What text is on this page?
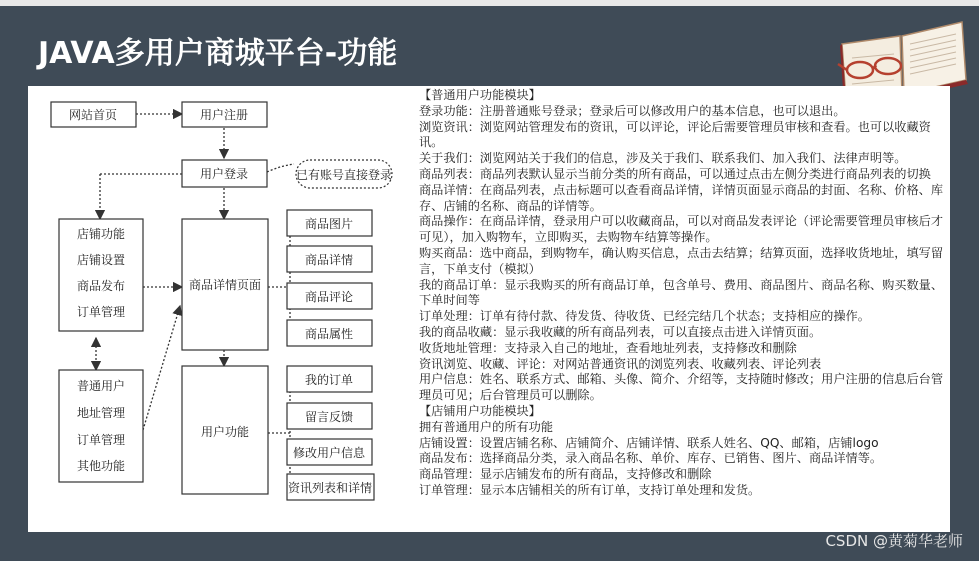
JAVA多用户商城平台-功能
网站首页	用户注册
用户登录	已有账号直接登录
店铺功能
店铺设置
商品发布
订单管理
商品详情页面
商品图片
商品详情
商品评论
商品属性
普通用户
地址管理
订单管理
其他功能
用户功能
我的订单
留言反馈
修改用户信息
资讯列表和详情
【普通用户功能模块】
登录功能：注册普通账号登录；登录后可以修改用户的基本信息，也可以退出。
浏览资讯：浏览网站管理发布的资讯，可以评论，评论后需要管理员审核和查看。也可以收藏资讯。
关于我们：浏览网站关于我们的信息，涉及关于我们、联系我们、加入我们、法律声明等。
商品列表：商品列表默认显示当前分类的所有商品，可以通过点击左侧分类进行商品列表的切换
商品详情：在商品列表，点击标题可以查看商品详情，详情页面显示商品的封面、名称、价格、库存、店铺的名称、商品的详情等。
商品操作：在商品详情，登录用户可以收藏商品，可以对商品发表评论（评论需要管理员审核后才可见），加入购物车，立即购买，去购物车结算等操作。
购买商品：选中商品，到购物车，确认购买信息，点击去结算；结算页面，选择收货地址，填写留言，下单支付（模拟）
我的商品订单：显示我购买的所有商品订单，包含单号、费用、商品图片、商品名称、购买数量、下单时间等
订单处理：订单有待付款、待发货、待收货、已经完结几个状态；支持相应的操作。
我的商品收藏：显示我收藏的所有商品列表，可以直接点击进入详情页面。
收货地址管理：支持录入自己的地址，查看地址列表，支持修改和删除
资讯浏览、收藏、评论：对网站普通资讯的浏览列表、收藏列表、评论列表
用户信息：姓名、联系方式、邮箱、头像、简介、介绍等，支持随时修改；用户注册的信息后台管理员可见；后台管理员可以删除。
【店铺用户功能模块】
拥有普通用户的所有功能
店铺设置：设置店铺名称、店铺简介、店铺详情、联系人姓名、QQ、邮箱，店铺logo
商品发布：选择商品分类，录入商品名称、单价、库存、已销售、图片、商品详情等。
商品管理：显示店铺发布的所有商品，支持修改和删除
订单管理：显示本店铺相关的所有订单，支持订单处理和发货。
CSDN @黄菊华老师
